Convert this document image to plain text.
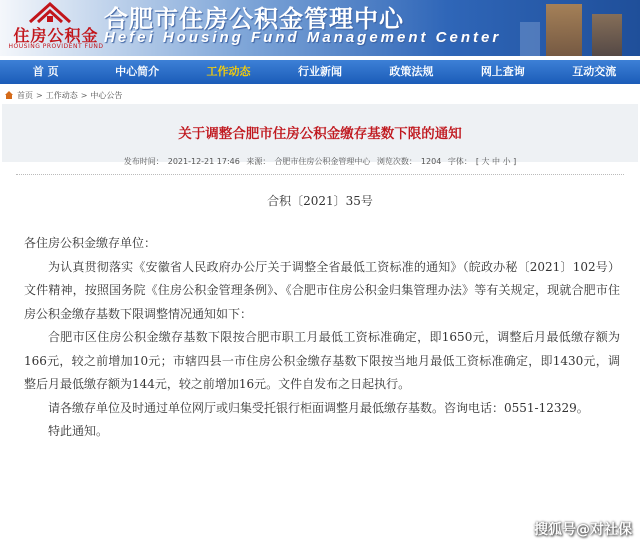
住房公积金
HOUSING PROVIDENT FUND
合肥市住房公积金管理中心
Hefei Housing Fund Management Center
首 页	中心简介	工作动态	行业新闻	政策法规	网上查询	互动交流
首页 > 工作动态 > 中心公告
关于调整合肥市住房公积金缴存基数下限的通知
发布时间： 2021-12-21 17:46 来源： 合肥市住房公积金管理中心 浏览次数： 1204 字体： [ 大 中 小 ]
合积〔2021〕35号

各住房公积金缴存单位：

为认真贯彻落实《安徽省人民政府办公厅关于调整全省最低工资标准的通知》（皖政办秘〔2021〕102号）文件精神，按照国务院《住房公积金管理条例》、《合肥市住房公积金归集管理办法》等有关规定，现就合肥市住房公积金缴存基数下限调整情况通知如下：

合肥市区住房公积金缴存基数下限按合肥市职工月最低工资标准确定，即1650元，调整后月最低缴存额为166元，较之前增加10元；市辖四县一市住房公积金缴存基数下限按当地月最低工资标准确定，即1430元，调整后月最低缴存额为144元，较之前增加16元。文件自发布之日起执行。

请各缴存单位及时通过单位网厅或归集受托银行柜面调整月最低缴存基数。咨询电话：0551-12329。

特此通知。

搜狐号@对社保
